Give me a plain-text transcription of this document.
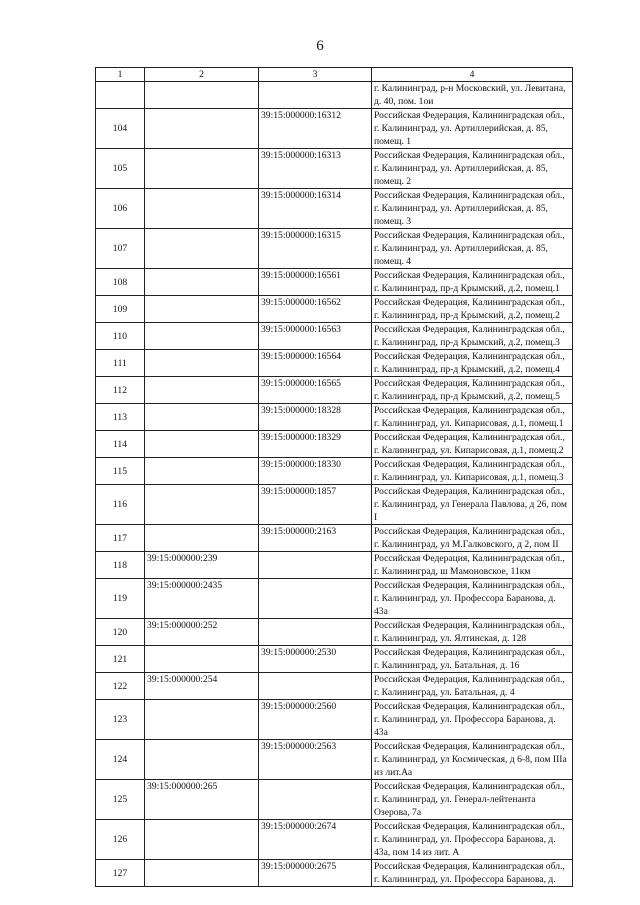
6
1	2	3	4
			г. Калининград, р-н Московский, ул. Левитана, д. 40, пом. 1ои
104		39:15:000000:16312	Российская Федерация, Калининградская обл., г. Калининград, ул. Артиллерийская, д. 85, помещ. 1
105		39:15:000000:16313	Российская Федерация, Калининградская обл., г. Калининград, ул. Артиллерийская, д. 85, помещ. 2
106		39:15:000000:16314	Российская Федерация, Калининградская обл., г. Калининград, ул. Артиллерийская, д. 85, помещ. 3
107		39:15:000000:16315	Российская Федерация, Калининградская обл., г. Калининград, ул. Артиллерийская, д. 85, помещ. 4
108		39:15:000000:16561	Российская Федерация, Калининградская обл., г. Калининград, пр-д Крымский, д.2, помещ.1
109		39:15:000000:16562	Российская Федерация, Калининградская обл., г. Калининград, пр-д Крымский, д.2, помещ.2
110		39:15:000000:16563	Российская Федерация, Калининградская обл., г. Калининград, пр-д Крымский, д.2, помещ.3
111		39:15:000000:16564	Российская Федерация, Калининградская обл., г. Калининград, пр-д Крымский, д.2, помещ.4
112		39:15:000000:16565	Российская Федерация, Калининградская обл., г. Калининград, пр-д Крымский, д.2, помещ.5
113		39:15:000000:18328	Российская Федерация, Калининградская обл., г. Калининград, ул. Кипарисовая, д.1, помещ.1
114		39:15:000000:18329	Российская Федерация, Калининградская обл., г. Калининград, ул. Кипарисовая, д.1, помещ.2
115		39:15:000000:18330	Российская Федерация, Калининградская обл., г. Калининград, ул. Кипарисовая, д.1, помещ.3
116		39:15:000000:1857	Российская Федерация, Калининградская обл., г. Калининград, ул Генерала Павлова, д 26, пом I
117		39:15:000000:2163	Российская Федерация, Калининградская обл., г. Калининград, ул М.Галковского, д 2, пом II
118	39:15:000000:239		Российская Федерация, Калининградская обл., г. Калининград, ш Мамоновское, 11км
119	39:15:000000:2435		Российская Федерация, Калининградская обл., г. Калининград, ул. Профессора Баранова, д. 43а
120	39:15:000000:252		Российская Федерация, Калининградская обл., г. Калининград, ул. Ялтинская, д. 128
121		39:15:000000:2530	Российская Федерация, Калининградская обл., г. Калининград, ул. Батальная, д. 16
122	39:15:000000:254		Российская Федерация, Калининградская обл., г. Калининград, ул. Батальная, д. 4
123		39:15:000000:2560	Российская Федерация, Калининградская обл., г. Калининград, ул. Профессора Баранова, д. 43а
124		39:15:000000:2563	Российская Федерация, Калининградская обл., г. Калининград, ул Космическая, д 6-8, пом IIIа из лит.Аа
125	39:15:000000:265		Российская Федерация, Калининградская обл., г. Калининград, ул. Генерал-лейтенанта Озерова, 7а
126		39:15:000000:2674	Российская Федерация, Калининградская обл., г. Калининград, ул. Профессора Баранова, д. 43а, пом 14 из лит. А
127		39:15:000000:2675	Российская Федерация, Калининградская обл., г. Калининград, ул. Профессора Баранова, д.
